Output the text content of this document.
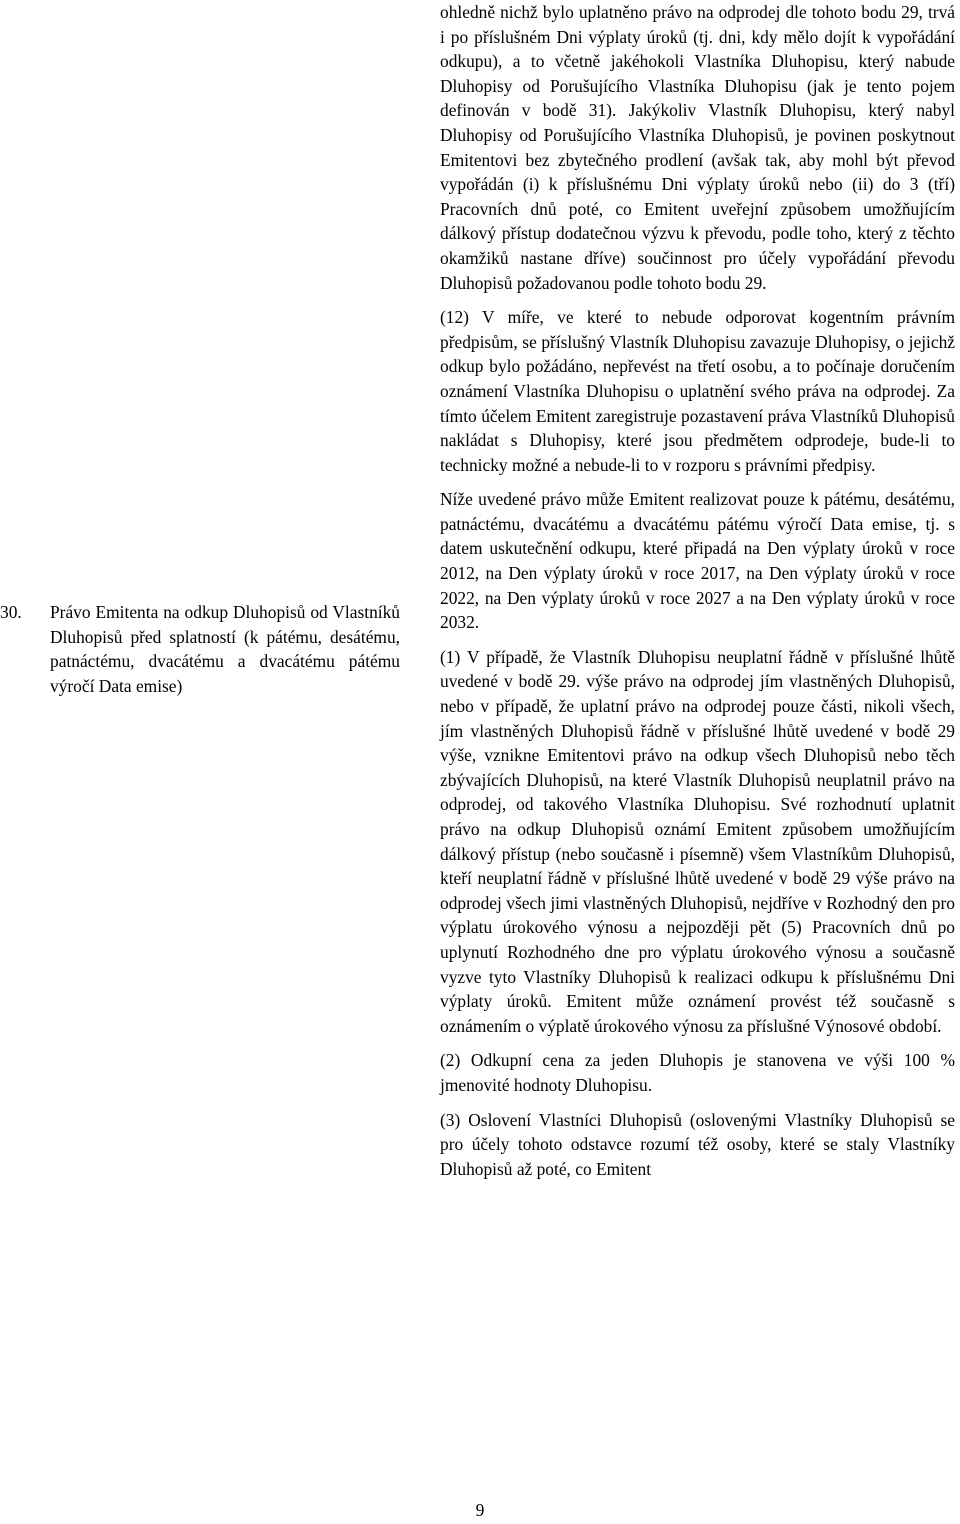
ohledně nichž bylo uplatněno právo na odprodej dle tohoto bodu 29, trvá i po příslušném Dni výplaty úroků (tj. dni, kdy mělo dojít k vypořádání odkupu), a to včetně jakéhokoli Vlastníka Dluhopisu, který nabude Dluhopisy od Porušujícího Vlastníka Dluhopisu (jak je tento pojem definován v bodě 31). Jakýkoliv Vlastník Dluhopisu, který nabyl Dluhopisy od Porušujícího Vlastníka Dluhopisů, je povinen poskytnout Emitentovi bez zbytečného prodlení (avšak tak, aby mohl být převod vypořádán (i) k příslušnému Dni výplaty úroků nebo (ii) do 3 (tří) Pracovních dnů poté, co Emitent uveřejní způsobem umožňujícím dálkový přístup dodatečnou výzvu k převodu, podle toho, který z těchto okamžiků nastane dříve) součinnost pro účely vypořádání převodu Dluhopisů požadovanou podle tohoto bodu 29.

(12) V míře, ve které to nebude odporovat kogentním právním předpisům, se příslušný Vlastník Dluhopisu zavazuje Dluhopisy, o jejichž odkup bylo požádáno, nepřevést na třetí osobu, a to počínaje doručením oznámení Vlastníka Dluhopisu o uplatnění svého práva na odprodej. Za tímto účelem Emitent zaregistruje pozastavení práva Vlastníků Dluhopisů nakládat s Dluhopisy, které jsou předmětem odprodeje, bude-li to technicky možné a nebude-li to v rozporu s právními předpisy.

Níže uvedené právo může Emitent realizovat pouze k pátému, desátému, patnáctému, dvacátému a dvacátému pátému výročí Data emise, tj. s datem uskutečnění odkupu, které připadá na Den výplaty úroků v roce 2012, na Den výplaty úroků v roce 2017, na Den výplaty úroků v roce 2022, na Den výplaty úroků v roce 2027 a na Den výplaty úroků v roce 2032.

(1) V případě, že Vlastník Dluhopisu neuplatní řádně v příslušné lhůtě uvedené v bodě 29. výše právo na odprodej jím vlastněných Dluhopisů, nebo v případě, že uplatní právo na odprodej pouze části, nikoli všech, jím vlastněných Dluhopisů řádně v příslušné lhůtě uvedené v bodě 29 výše, vznikne Emitentovi právo na odkup všech Dluhopisů nebo těch zbývajících Dluhopisů, na které Vlastník Dluhopisů neuplatnil právo na odprodej, od takového Vlastníka Dluhopisu. Své rozhodnutí uplatnit právo na odkup Dluhopisů oznámí Emitent způsobem umožňujícím dálkový přístup (nebo současně i písemně) všem Vlastníkům Dluhopisů, kteří neuplatní řádně v příslušné lhůtě uvedené v bodě 29 výše právo na odprodej všech jimi vlastněných Dluhopisů, nejdříve v Rozhodný den pro výplatu úrokového výnosu a nejpozději pět (5) Pracovních dnů po uplynutí Rozhodného dne pro výplatu úrokového výnosu a současně vyzve tyto Vlastníky Dluhopisů k realizaci odkupu k příslušnému Dni výplaty úroků. Emitent může oznámení provést též současně s oznámením o výplatě úrokového výnosu za příslušné Výnosové období.

(2) Odkupní cena za jeden Dluhopis je stanovena ve výši 100 % jmenovité hodnoty Dluhopisu.

(3) Oslovení Vlastníci Dluhopisů (oslovenými Vlastníky Dluhopisů se pro účely tohoto odstavce rozumí též osoby, které se staly Vlastníky Dluhopisů až poté, co Emitent

30.	Právo Emitenta na odkup Dluhopisů od Vlastníků Dluhopisů před splatností (k pátému, desátému, patnáctému, dvacátému a dvacátému pátému výročí Data emise)
9
